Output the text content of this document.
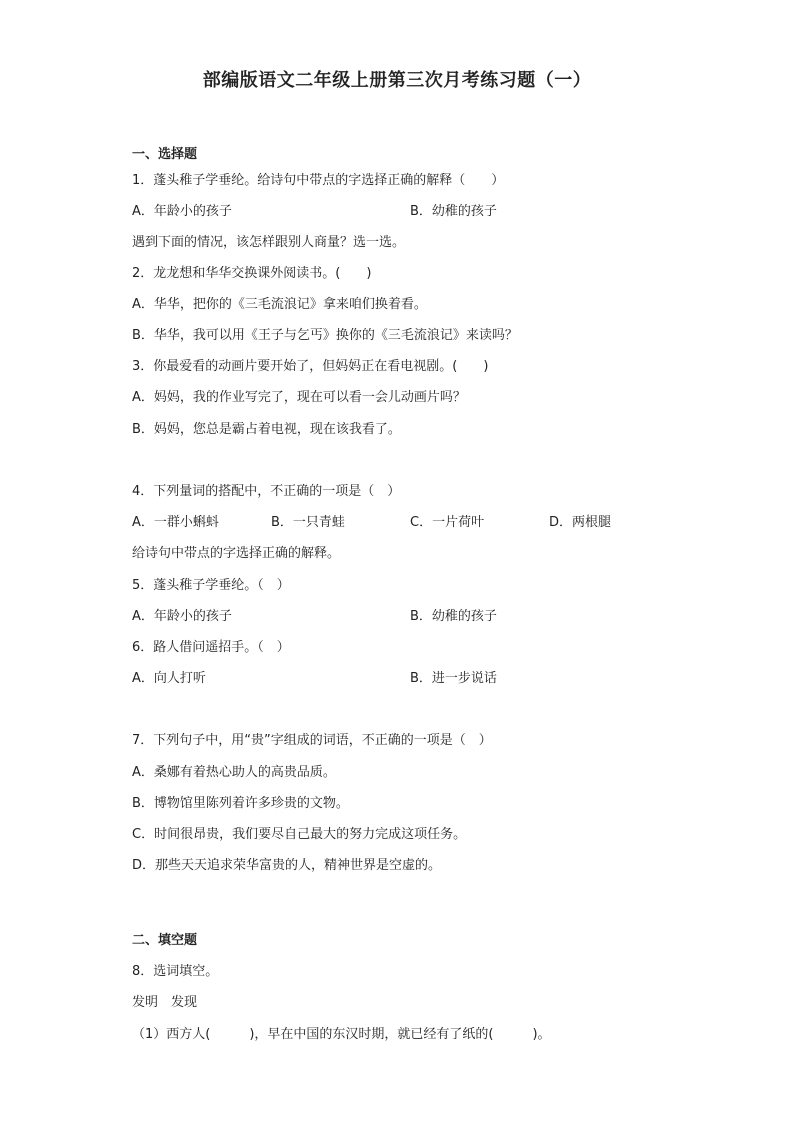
部编版语文二年级上册第三次月考练习题（一）
一、选择题
1．蓬头稚子学垂纶。给诗句中带点的字选择正确的解释（　　）
A．年龄小的孩子	B．幼稚的孩子
遇到下面的情况，该怎样跟别人商量？选一选。
2．龙龙想和华华交换课外阅读书。(　　)
A．华华，把你的《三毛流浪记》拿来咱们换着看。
B．华华，我可以用《王子与乞丐》换你的《三毛流浪记》来读吗？
3．你最爱看的动画片要开始了，但妈妈正在看电视剧。(　　)
A．妈妈，我的作业写完了，现在可以看一会儿动画片吗？
B．妈妈，您总是霸占着电视，现在该我看了。
4．下列量词的搭配中，不正确的一项是（　）
A．一群小蝌蚪	B．一只青蛙	C．一片荷叶	D．两根腿
给诗句中带点的字选择正确的解释。
5．蓬头稚子学垂纶。（　）
A．年龄小的孩子	B．幼稚的孩子
6．路人借问遥招手。（　）
A．向人打听	B．进一步说话
7．下列句子中，用“贵”字组成的词语，不正确的一项是（　）
A．桑娜有着热心助人的高贵品质。
B．博物馆里陈列着许多珍贵的文物。
C．时间很昂贵，我们要尽自己最大的努力完成这项任务。
D．那些天天追求荣华富贵的人，精神世界是空虚的。
二、填空题
8．选词填空。
发明　发现
（1）西方人(　　　)，早在中国的东汉时期，就已经有了纸的(　　　)。
